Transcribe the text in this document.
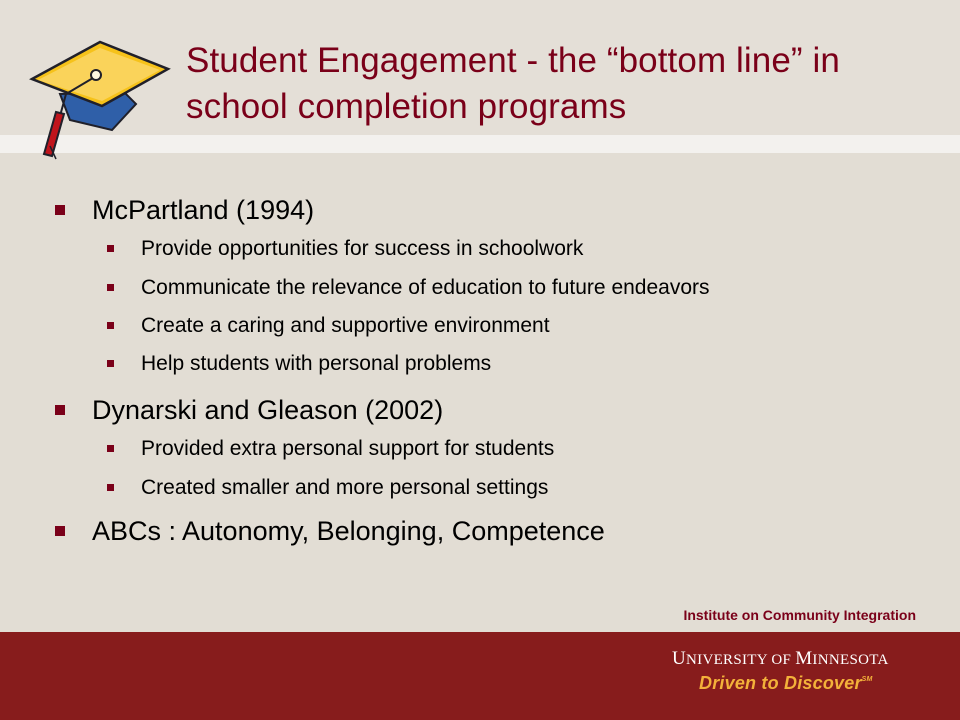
Student Engagement - the “bottom line” in school completion programs
McPartland (1994)
Provide opportunities for success in schoolwork
Communicate the relevance of education to future endeavors
Create a caring and supportive environment
Help students with personal problems
Dynarski and Gleason (2002)
Provided extra personal support for students
Created smaller and more personal settings
ABCs : Autonomy, Belonging, Competence
Institute on Community Integration
UNIVERSITY OF MINNESOTA
Driven to Discover℠
